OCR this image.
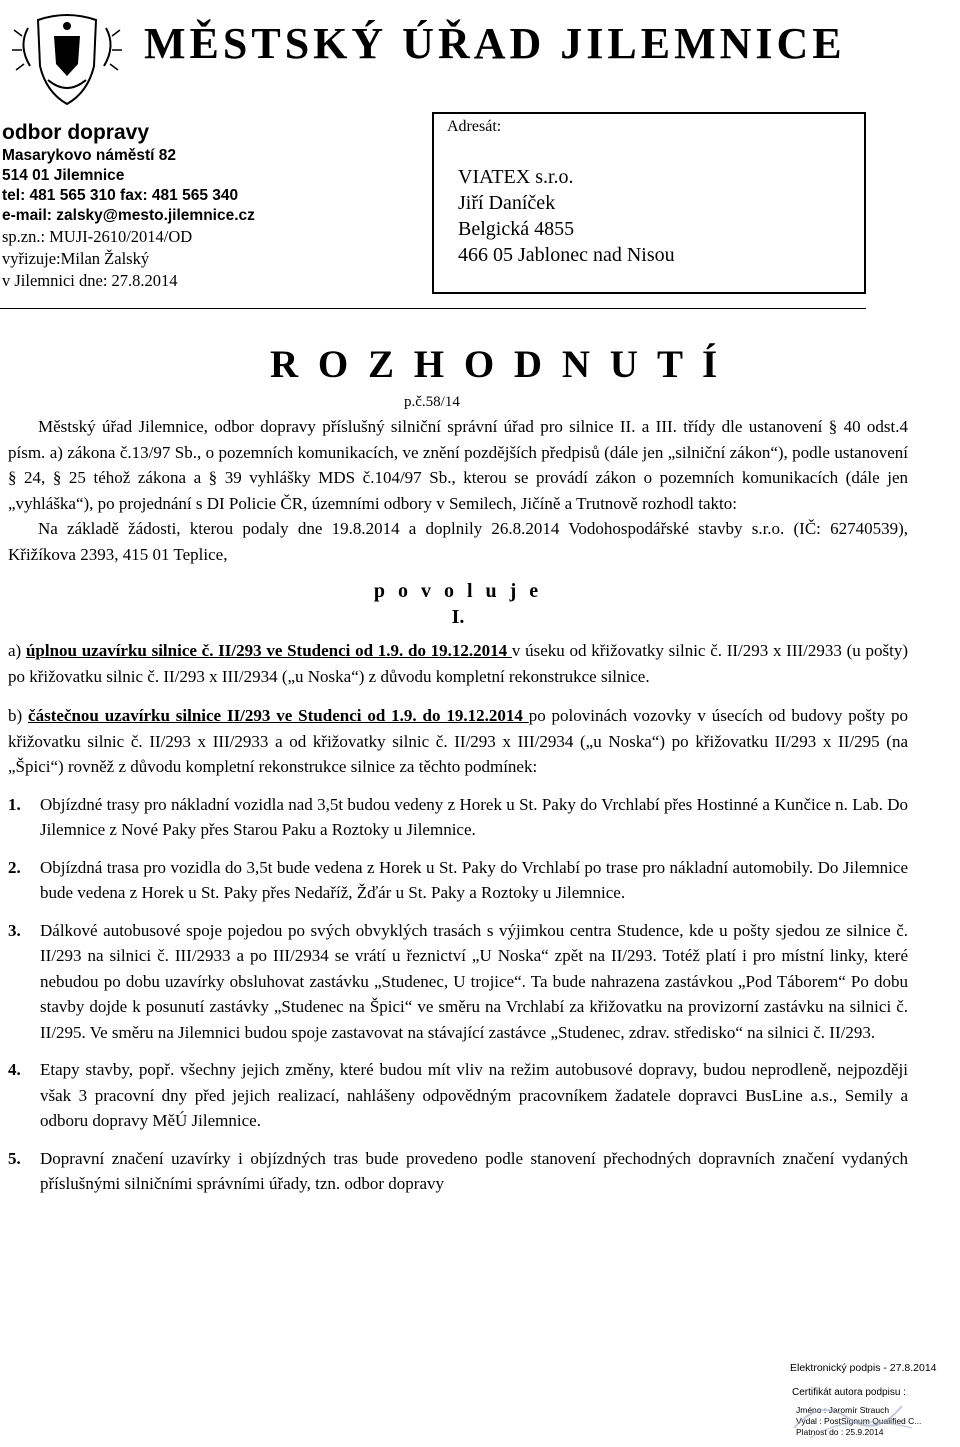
MĚSTSKÝ ÚŘAD JILEMNICE
odbor dopravy
Masarykovo náměstí 82
514 01 Jilemnice
tel: 481 565 310 fax: 481 565 340
e-mail: zalsky@mesto.jilemnice.cz
sp.zn.: MUJI-2610/2014/OD
vyřizuje:Milan Žalský
v Jilemnici dne: 27.8.2014
Adresát:
VIATEX s.r.o.
Jiří Daníček
Belgická 4855
466 05 Jablonec nad Nisou
R O Z H O D N U T Í
p.č.58/14

Městský úřad Jilemnice, odbor dopravy příslušný silniční správní úřad pro silnice II. a III. třídy dle ustanovení § 40 odst.4 písm. a) zákona č.13/97 Sb., o pozemních komunikacích, ve znění pozdějších předpisů (dále jen „silniční zákon“), podle ustanovení § 24, § 25 téhož zákona a § 39 vyhlášky MDS č.104/97 Sb., kterou se provádí zákon o pozemních komunikacích (dále jen „vyhláška“), po projednání s DI Policie ČR, územními odbory v Semilech, Jičíně a Trutnově rozhodl takto:

Na základě žádosti, kterou podaly dne 19.8.2014 a doplnily 26.8.2014 Vodohospodářské stavby s.r.o. (IČ: 62740539), Křižíkova 2393, 415 01 Teplice,

p o v o l u j e

I.

a) úplnou uzavírku silnice č. II/293 ve Studenci od 1.9. do 19.12.2014 v úseku od křižovatky silnic č. II/293 x III/2933 (u pošty) po křižovatku silnic č. II/293 x III/2934 („u Noska“) z důvodu kompletní rekonstrukce silnice.

b) částečnou uzavírku silnice II/293 ve Studenci od 1.9. do 19.12.2014 po polovinách vozovky v úsecích od budovy pošty po křižovatku silnic č. II/293 x III/2933 a od křižovatky silnic č. II/293 x III/2934 („u Noska“) po křižovatku II/293 x II/295 (na „Špici“) rovněž z důvodu kompletní rekonstrukce silnice za těchto podmínek:

1.	Objízdné trasy pro nákladní vozidla nad 3,5t budou vedeny z Horek u St. Paky do Vrchlabí přes Hostinné a Kunčice n. Lab. Do Jilemnice z Nové Paky přes Starou Paku a Roztoky u Jilemnice.
2.	Objízdná trasa pro vozidla do 3,5t bude vedena z Horek u St. Paky do Vrchlabí po trase pro nákladní automobily. Do Jilemnice bude vedena z Horek u St. Paky přes Nedaříž, Žďár u St. Paky a Roztoky u Jilemnice.
3.	Dálkové autobusové spoje pojedou po svých obvyklých trasách s výjimkou centra Studence, kde u pošty sjedou ze silnice č. II/293 na silnici č. III/2933 a po III/2934 se vrátí u řeznictví „U Noska“ zpět na II/293. Totéž platí i pro místní linky, které nebudou po dobu uzavírky obsluhovat zastávku „Studenec, U trojice“. Ta bude nahrazena zastávkou „Pod Táborem“ Po dobu stavby dojde k posunutí zastávky „Studenec na Špici“ ve směru na Vrchlabí za křižovatku na provizorní zastávku na silnici č. II/295. Ve směru na Jilemnici budou spoje zastavovat na stávající zastávce „Studenec, zdrav. středisko“ na silnici č. II/293.
4.	Etapy stavby, popř. všechny jejich změny, které budou mít vliv na režim autobusové dopravy, budou neprodleně, nejpozději však 3 pracovní dny před jejich realizací, nahlášeny odpovědným pracovníkem žadatele dopravci BusLine a.s., Semily a odboru dopravy MěÚ Jilemnice.
5.	Dopravní značení uzavírky i objízdných tras bude provedeno podle stanovení přechodných dopravních značení vydaných příslušnými silničními správními úřady, tzn. odbor dopravy
Elektronický podpis - 27.8.2014
Certifikát autora podpisu :
Jméno : Jaromír Strauch
Vydal : PostSignum Qualified C...
Platnost do : 25.9.2014
